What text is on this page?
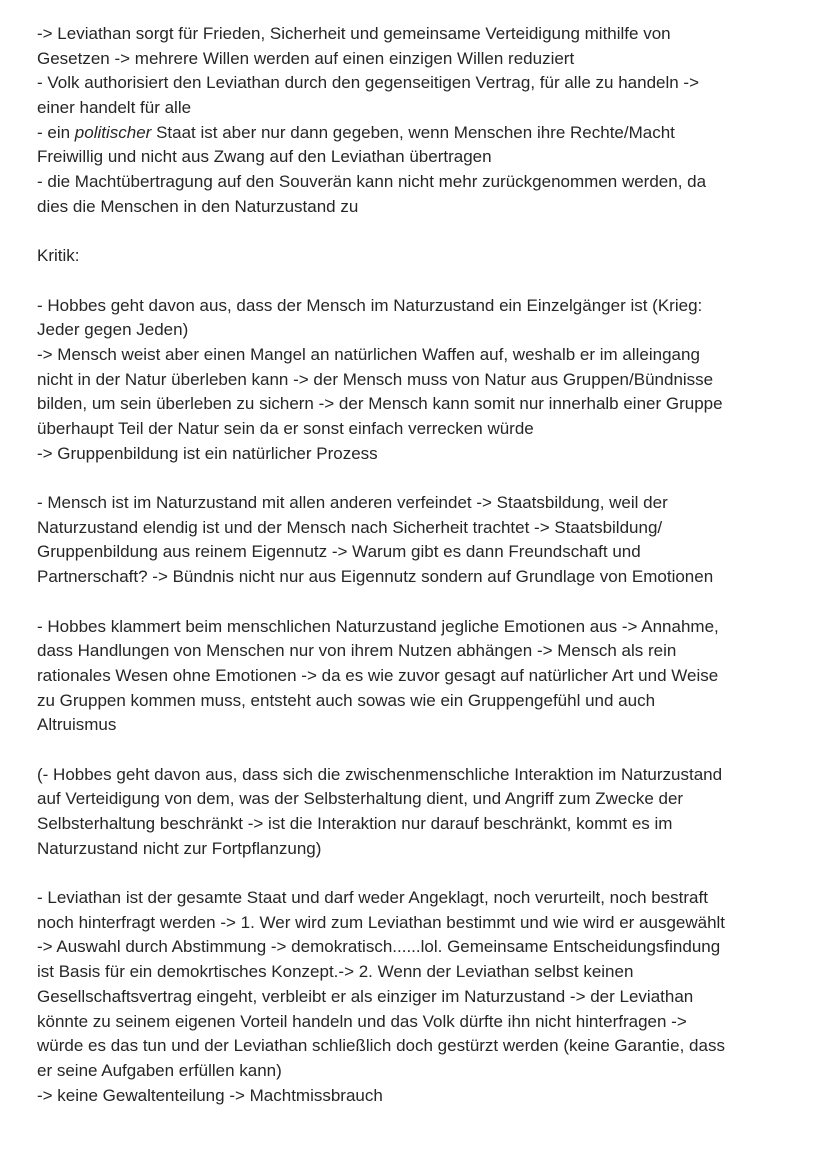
-> Leviathan sorgt für Frieden, Sicherheit und gemeinsame Verteidigung mithilfe von
Gesetzen -> mehrere Willen werden auf einen einzigen Willen reduziert
- Volk authorisiert den Leviathan durch den gegenseitigen Vertrag, für alle zu handeln ->
einer handelt für alle
- ein politischer Staat ist aber nur dann gegeben, wenn Menschen ihre Rechte/Macht
Freiwillig und nicht aus Zwang auf den Leviathan übertragen
- die Machtübertragung auf den Souverän kann nicht mehr zurückgenommen werden, da
dies die Menschen in den Naturzustand zu
Kritik:
- Hobbes geht davon aus, dass der Mensch im Naturzustand ein Einzelgänger ist (Krieg:
Jeder gegen Jeden)
-> Mensch weist aber einen Mangel an natürlichen Waffen auf, weshalb er im alleingang
nicht in der Natur überleben kann -> der Mensch muss von Natur aus Gruppen/Bündnisse
bilden, um sein überleben zu sichern -> der Mensch kann somit nur innerhalb einer Gruppe
überhaupt Teil der Natur sein da er sonst einfach verrecken würde
-> Gruppenbildung ist ein natürlicher Prozess
- Mensch ist im Naturzustand mit allen anderen verfeindet -> Staatsbildung, weil der
Naturzustand elendig ist und der Mensch nach Sicherheit trachtet -> Staatsbildung/
Gruppenbildung aus reinem Eigennutz -> Warum gibt es dann Freundschaft und
Partnerschaft? -> Bündnis nicht nur aus Eigennutz sondern auf Grundlage von Emotionen
- Hobbes klammert beim menschlichen Naturzustand jegliche Emotionen aus -> Annahme,
dass Handlungen von Menschen nur von ihrem Nutzen abhängen -> Mensch als rein
rationales Wesen ohne Emotionen -> da es wie zuvor gesagt auf natürlicher Art und Weise
zu Gruppen kommen muss, entsteht auch sowas wie ein Gruppengefühl und auch
Altruismus
(- Hobbes geht davon aus, dass sich die zwischenmenschliche Interaktion im Naturzustand
auf Verteidigung von dem, was der Selbsterhaltung dient, und Angriff zum Zwecke der
Selbsterhaltung beschränkt -> ist die Interaktion nur darauf beschränkt, kommt es im
Naturzustand nicht zur Fortpflanzung)
- Leviathan ist der gesamte Staat und darf weder Angeklagt, noch verurteilt, noch bestraft
noch hinterfragt werden -> 1. Wer wird zum Leviathan bestimmt und wie wird er ausgewählt
-> Auswahl durch Abstimmung -> demokratisch......lol. Gemeinsame Entscheidungsfindung
ist Basis für ein demokrtisches Konzept.-> 2. Wenn der Leviathan selbst keinen
Gesellschaftsvertrag eingeht, verbleibt er als einziger im Naturzustand -> der Leviathan
könnte zu seinem eigenen Vorteil handeln und das Volk dürfte ihn nicht hinterfragen ->
würde es das tun und der Leviathan schließlich doch gestürzt werden (keine Garantie, dass
er seine Aufgaben erfüllen kann)
-> keine Gewaltenteilung -> Machtmissbrauch
